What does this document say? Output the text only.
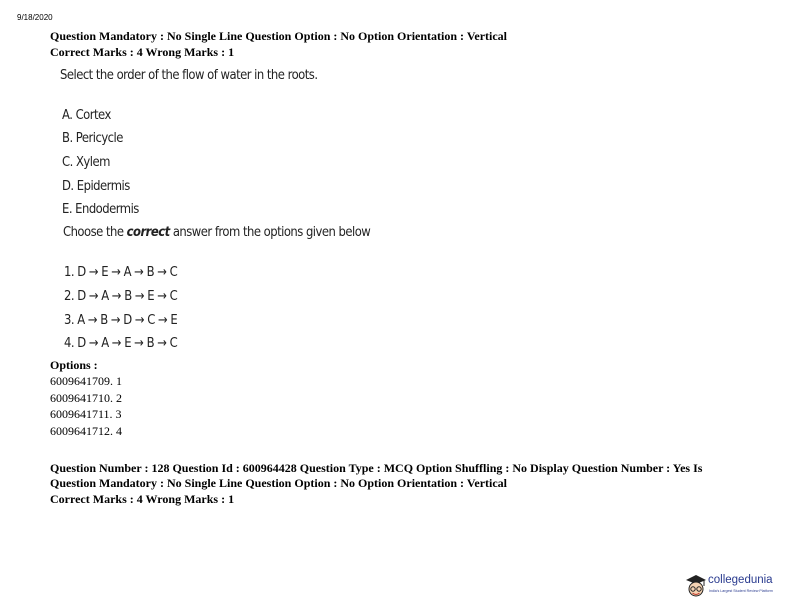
9/18/2020
Question Mandatory : No Single Line Question Option : No Option Orientation : Vertical
Correct Marks : 4 Wrong Marks : 1
Select the order of the flow of water in the roots.
A. Cortex
B. Pericycle
C. Xylem
D. Epidermis
E. Endodermis
Choose the correct answer from the options given below
1. D → E → A → B → C
2. D → A → B → E → C
3. A → B → D → C → E
4. D → A → E → B → C
Options :
6009641709. 1
6009641710. 2
6009641711. 3
6009641712. 4
Question Number : 128 Question Id : 600964428 Question Type : MCQ Option Shuffling : No Display Question Number : Yes Is
Question Mandatory : No Single Line Question Option : No Option Orientation : Vertical
Correct Marks : 4 Wrong Marks : 1
collegedunia
India's Largest Student Review Platform
